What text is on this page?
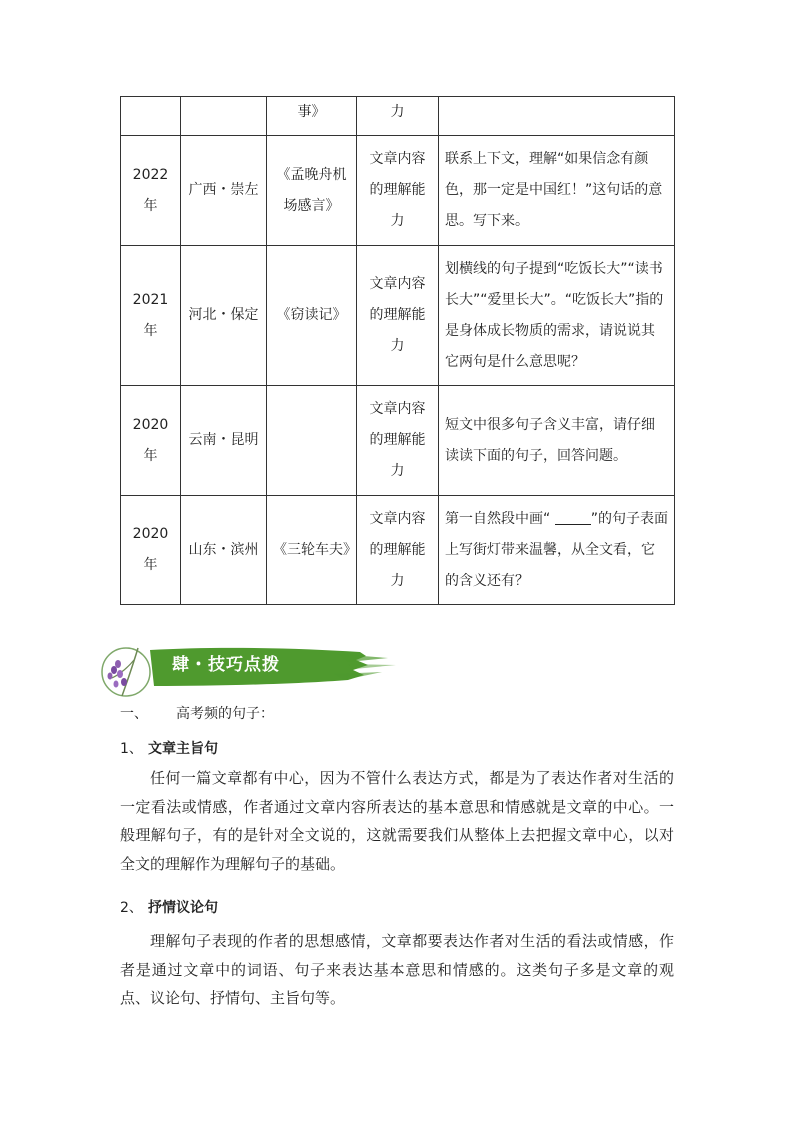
		事》	力	
2022 年	广西・崇左	《孟晚舟机场感言》	文章内容的理解能力	联系上下文，理解“如果信念有颜色，那一定是中国红！”这句话的意思。写下来。
2021 年	河北・保定	《窃读记》	文章内容的理解能力	划横线的句子提到“吃饭长大”“读书长大”“爱里长大”。“吃饭长大”指的是身体成长物质的需求，请说说其它两句是什么意思呢？
2020 年	云南・昆明		文章内容的理解能力	短文中很多句子含义丰富，请仔细读读下面的句子，回答问题。
2020 年	山东・滨州	《三轮车夫》	文章内容的理解能力	第一自然段中画“ ”的句子表面上写街灯带来温馨，从全文看，它的含义还有？
肆・技巧点拨
一、 高考频的句子：
1、 文章主旨句

任何一篇文章都有中心，因为不管什么表达方式，都是为了表达作者对生活的一定看法或情感，作者通过文章内容所表达的基本意思和情感就是文章的中心。一般理解句子，有的是针对全文说的，这就需要我们从整体上去把握文章中心，以对全文的理解作为理解句子的基础。

2、 抒情议论句

理解句子表现的作者的思想感情，文章都要表达作者对生活的看法或情感，作者是通过文章中的词语、句子来表达基本意思和情感的。这类句子多是文章的观点、议论句、抒情句、主旨句等。
